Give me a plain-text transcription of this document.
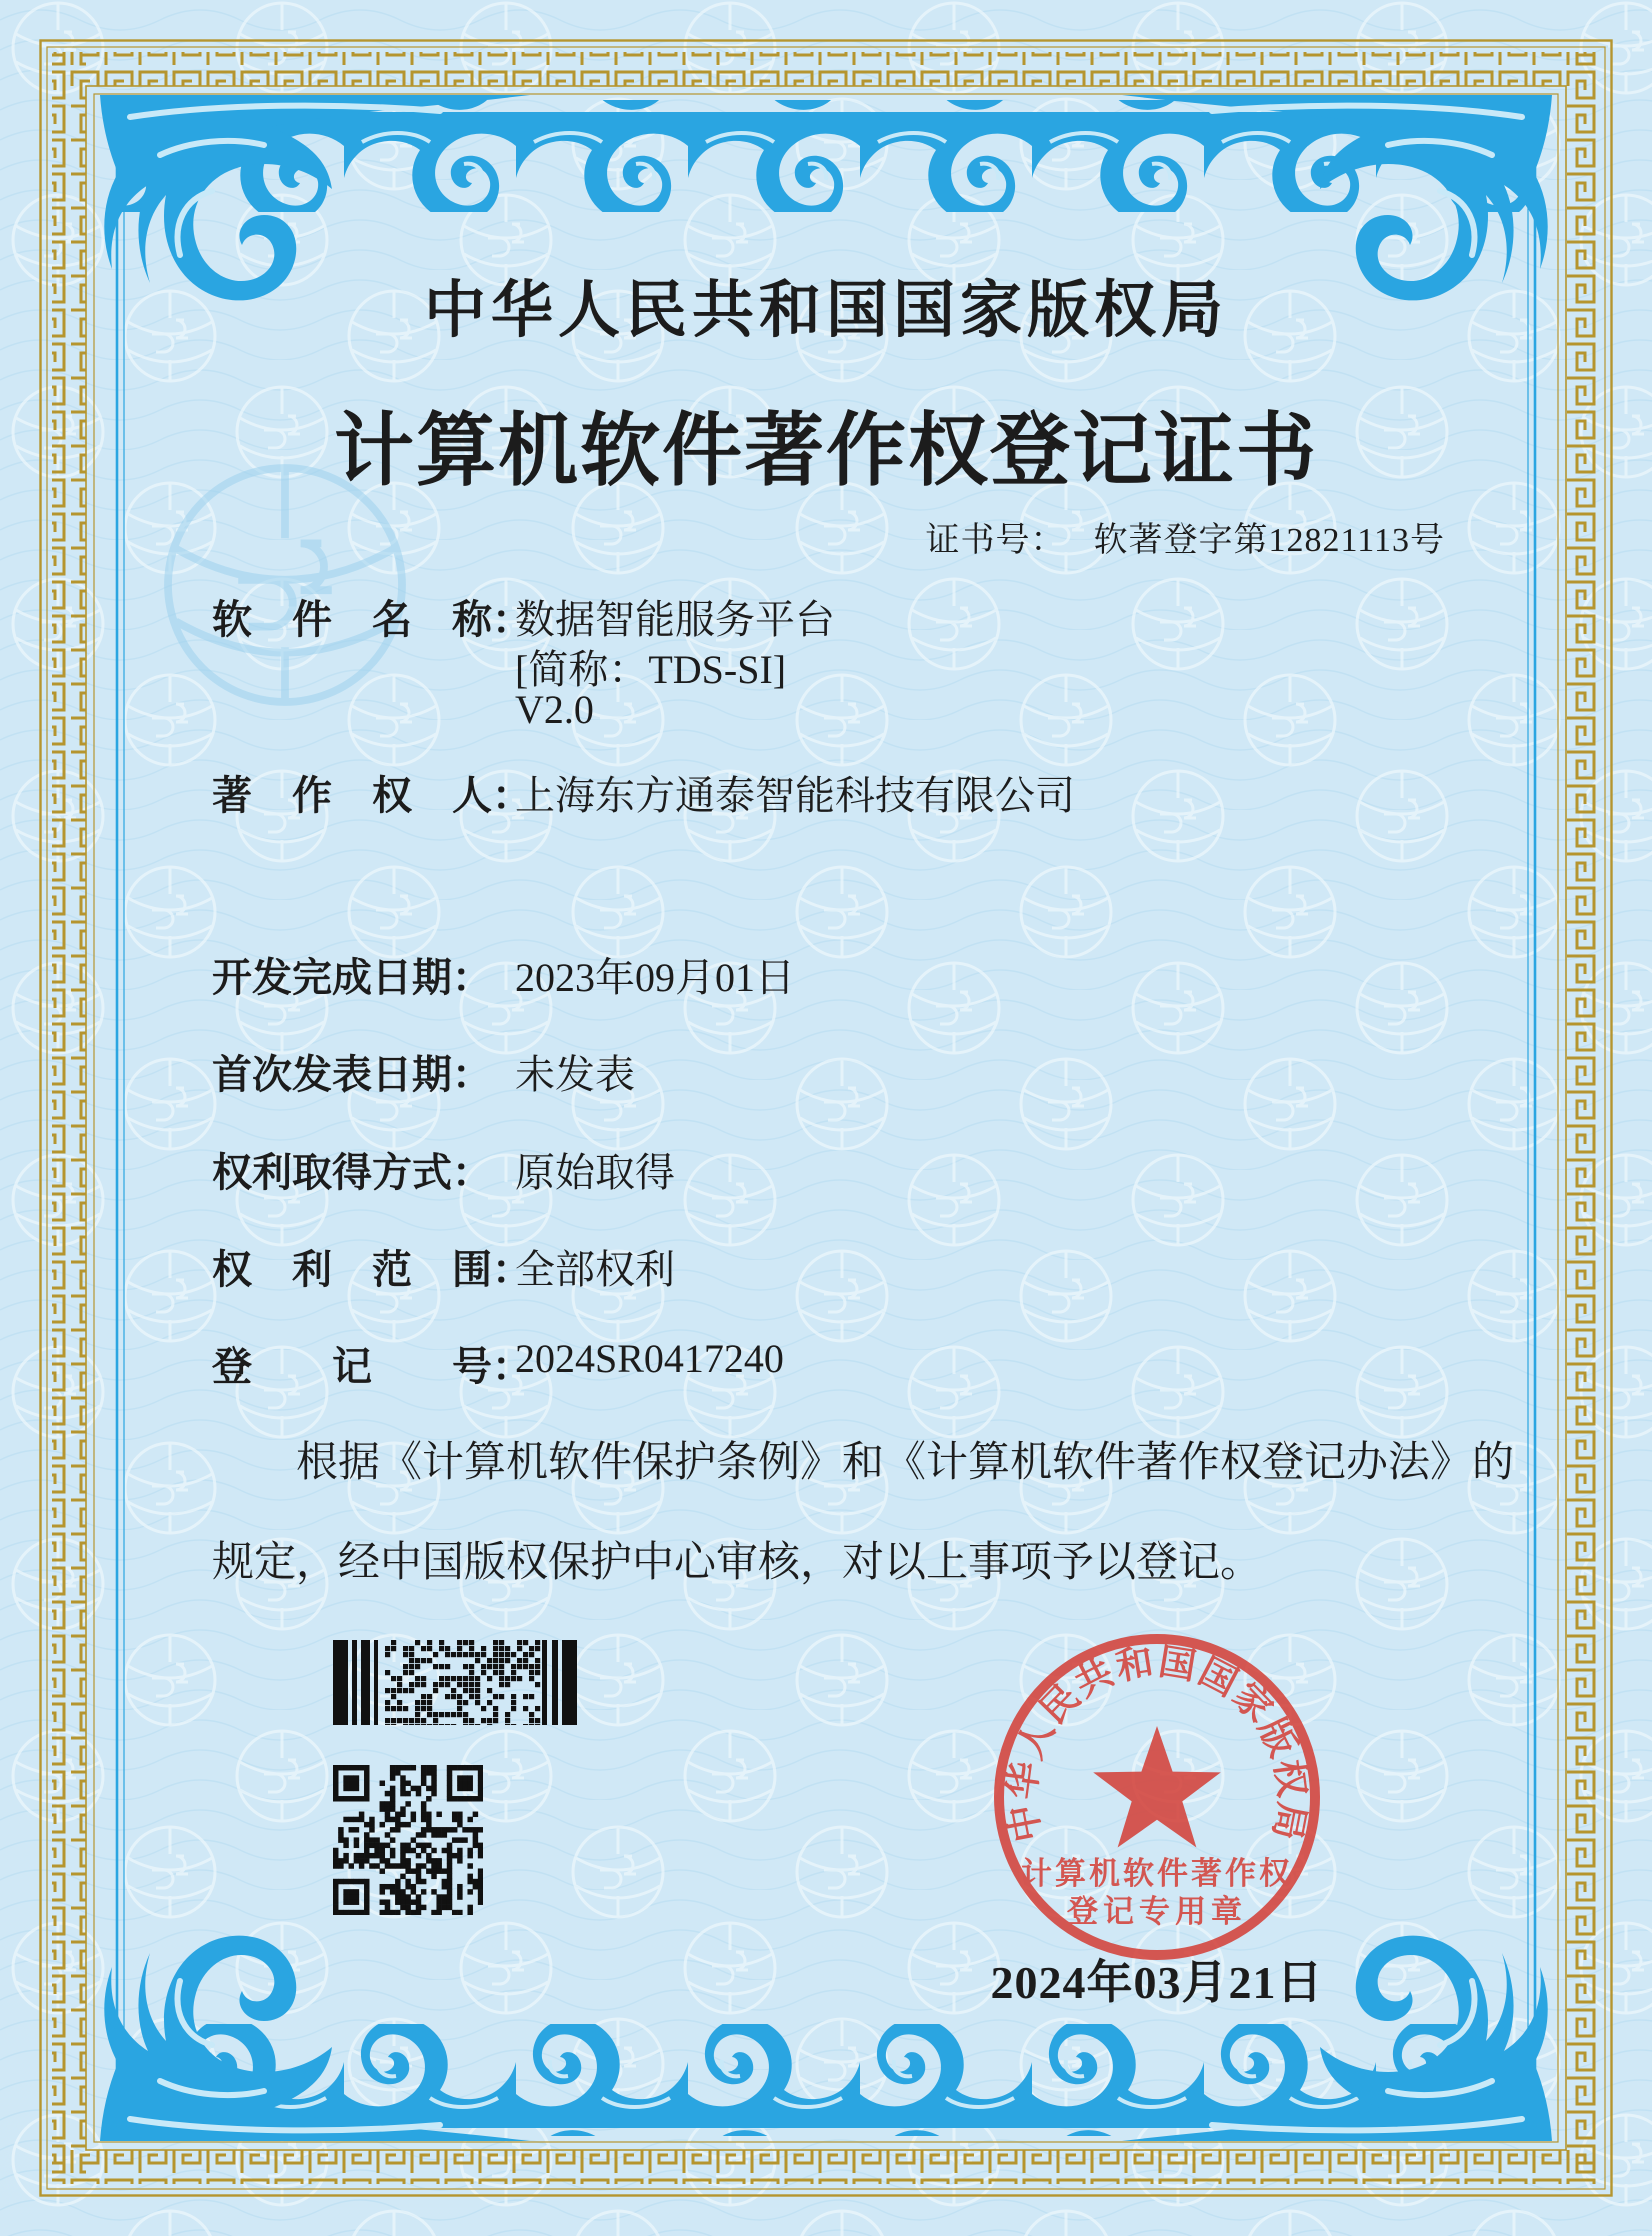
中华人民共和国国家版权局
计算机软件著作权登记证书
证书号： 软著登字第12821113号
软　件　名　称：
数据智能服务平台
[简称：TDS-SI]
V2.0
著　作　权　人：
上海东方通泰智能科技有限公司
开发完成日期： 2023年09月01日
首次发表日期： 未发表
权利取得方式： 原始取得
权　利　范　围：
全部权利
登　　记　　号：
2024SR0417240
根据《计算机软件保护条例》和《计算机软件著作权登记办法》的
规定，经中国版权保护中心审核，对以上事项予以登记。
中华人民共和国国家版权局
计算机软件著作权
登记专用章
2024年03月21日
